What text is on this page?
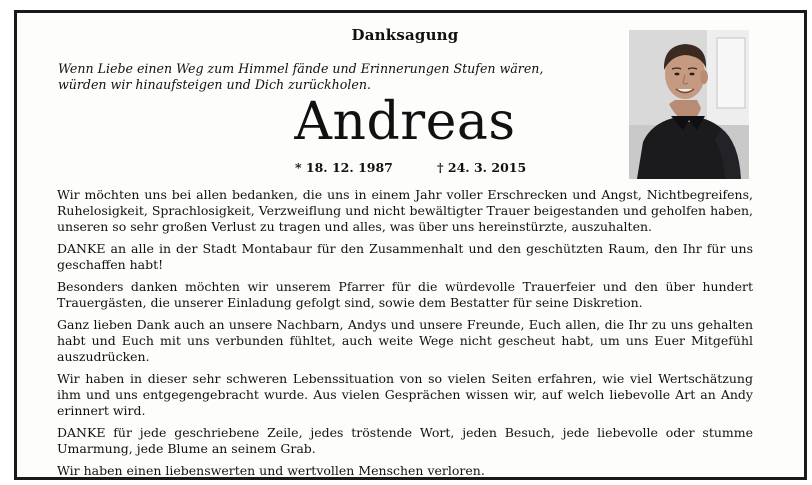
Danksagung
Wenn Liebe einen Weg zum Himmel fände und Erinnerungen Stufen wären,
würden wir hinaufsteigen und Dich zurückholen.
Andreas
* 18. 12. 1987	† 24. 3. 2015

Wir möchten uns bei allen bedanken, die uns in einem Jahr voller Erschrecken und Angst, Nichtbegreifens, Ruhelosigkeit, Sprachlosigkeit, Verzweiflung und nicht bewältigter Trauer beigestanden und geholfen haben, unseren so sehr großen Verlust zu tragen und alles, was über uns hereinstürzte, auszuhalten.

DANKE an alle in der Stadt Montabaur für den Zusammenhalt und den geschützten Raum, den Ihr für uns geschaffen habt!

Besonders danken möchten wir unserem Pfarrer für die würdevolle Trauerfeier und den über hundert Trauergästen, die unserer Einladung gefolgt sind, sowie dem Bestatter für seine Diskretion.

Ganz lieben Dank auch an unsere Nachbarn, Andys und unsere Freunde, Euch allen, die Ihr zu uns gehalten habt und Euch mit uns verbunden fühltet, auch weite Wege nicht gescheut habt, um uns Euer Mitgefühl auszudrücken.

Wir haben in dieser sehr schweren Lebenssituation von so vielen Seiten erfahren, wie viel Wertschätzung ihm und uns entgegengebracht wurde. Aus vielen Gesprächen wissen wir, auf welch liebevolle Art an Andy erinnert wird.

DANKE für jede geschriebene Zeile, jedes tröstende Wort, jeden Besuch, jede liebevolle oder stumme Umarmung, jede Blume an seinem Grab.

Wir haben einen liebenswerten und wertvollen Menschen verloren.
